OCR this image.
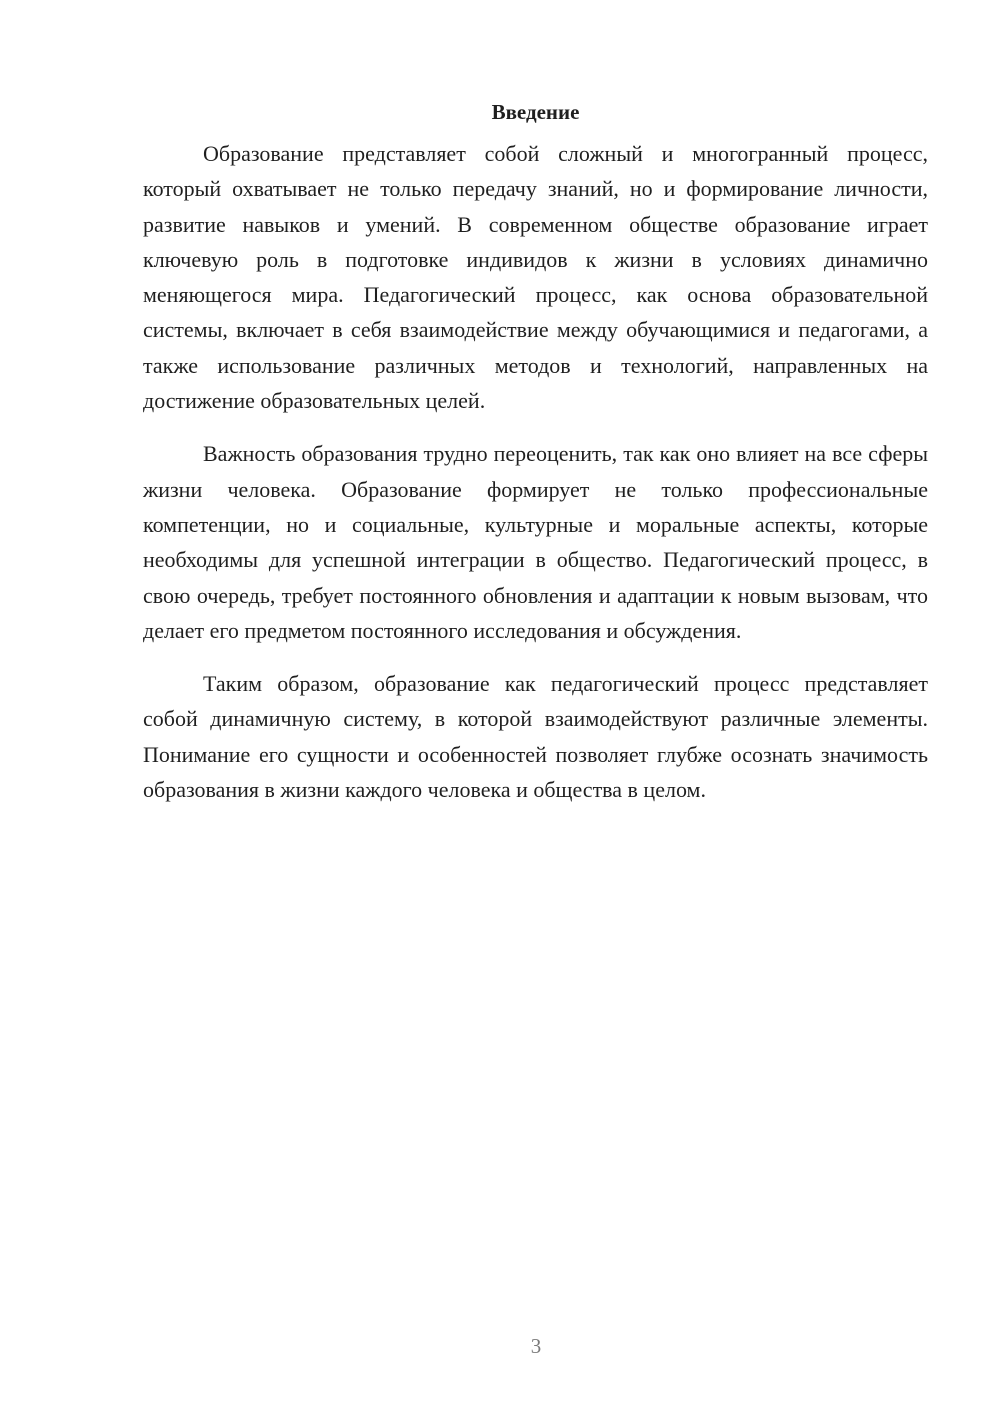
Введение

Образование представляет собой сложный и многогранный процесс, который охватывает не только передачу знаний, но и формирование личности, развитие навыков и умений. В современном обществе образование играет ключевую роль в подготовке индивидов к жизни в условиях динамично меняющегося мира. Педагогический процесс, как основа образовательной системы, включает в себя взаимодействие между обучающимися и педагогами, а также использование различных методов и технологий, направленных на достижение образовательных целей.

Важность образования трудно переоценить, так как оно влияет на все сферы жизни человека. Образование формирует не только профессиональные компетенции, но и социальные, культурные и моральные аспекты, которые необходимы для успешной интеграции в общество. Педагогический процесс, в свою очередь, требует постоянного обновления и адаптации к новым вызовам, что делает его предметом постоянного исследования и обсуждения.

Таким образом, образование как педагогический процесс представляет собой динамичную систему, в которой взаимодействуют различные элементы. Понимание его сущности и особенностей позволяет глубже осознать значимость образования в жизни каждого человека и общества в целом.

3
